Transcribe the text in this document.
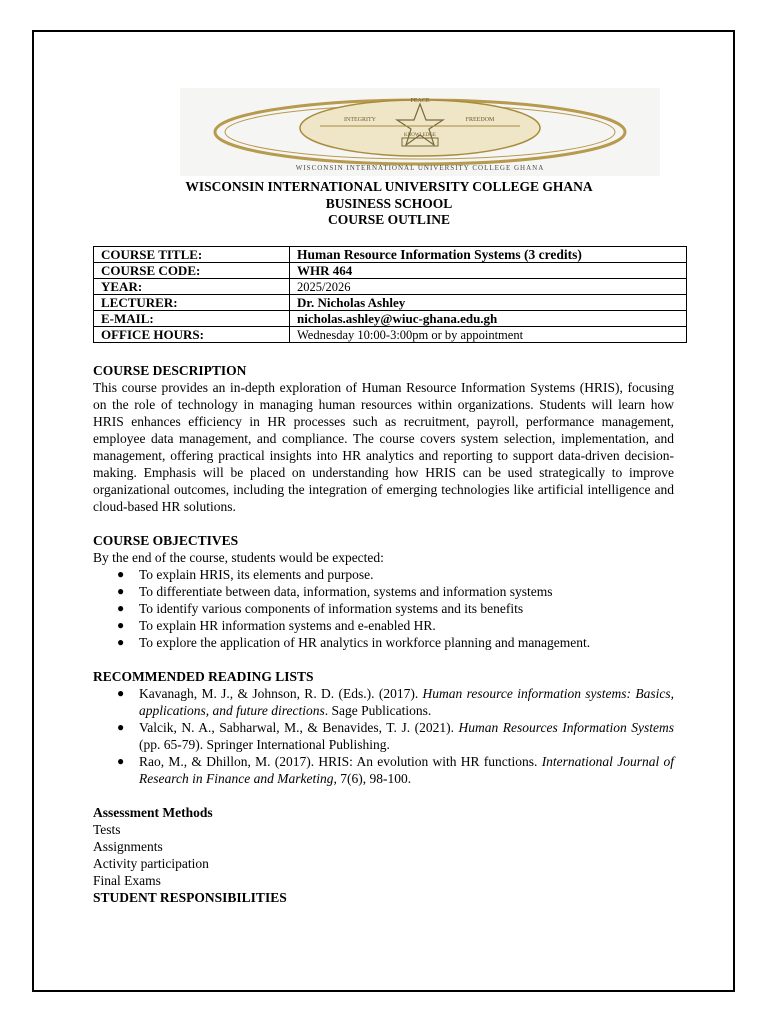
PEACE
INTEGRITY	FREEDOM
KNOWLEDGE
WISCONSIN INTERNATIONAL UNIVERSITY COLLEGE GHANA
WISCONSIN INTERNATIONAL UNIVERSITY COLLEGE GHANA
BUSINESS SCHOOL
COURSE OUTLINE
COURSE TITLE:	Human Resource Information Systems (3 credits)
COURSE CODE:	WHR 464
YEAR:	2025/2026
LECTURER:	Dr. Nicholas Ashley
E-MAIL:	nicholas.ashley@wiuc-ghana.edu.gh
OFFICE HOURS:	Wednesday 10:00-3:00pm or by appointment

COURSE DESCRIPTION

This course provides an in-depth exploration of Human Resource Information Systems (HRIS), focusing on the role of technology in managing human resources within organizations. Students will learn how HRIS enhances efficiency in HR processes such as recruitment, payroll, performance management, employee data management, and compliance. The course covers system selection, implementation, and management, offering practical insights into HR analytics and reporting to support data-driven decision-making. Emphasis will be placed on understanding how HRIS can be used strategically to improve organizational outcomes, including the integration of emerging technologies like artificial intelligence and cloud-based HR solutions.

COURSE OBJECTIVES

By the end of the course, students would be expected:

● To explain HRIS, its elements and purpose.
● To differentiate between data, information, systems and information systems
● To identify various components of information systems and its benefits
● To explain HR information systems and e-enabled HR.
● To explore the application of HR analytics in workforce planning and management.

RECOMMENDED READING LISTS

● Kavanagh, M. J., & Johnson, R. D. (Eds.). (2017). Human resource information systems: Basics, applications, and future directions. Sage Publications.
● Valcik, N. A., Sabharwal, M., & Benavides, T. J. (2021). Human Resources Information Systems (pp. 65-79). Springer International Publishing.
● Rao, M., & Dhillon, M. (2017). HRIS: An evolution with HR functions. International Journal of Research in Finance and Marketing, 7(6), 98-100.

Assessment Methods

Tests

Assignments

Activity participation

Final Exams

STUDENT RESPONSIBILITIES
